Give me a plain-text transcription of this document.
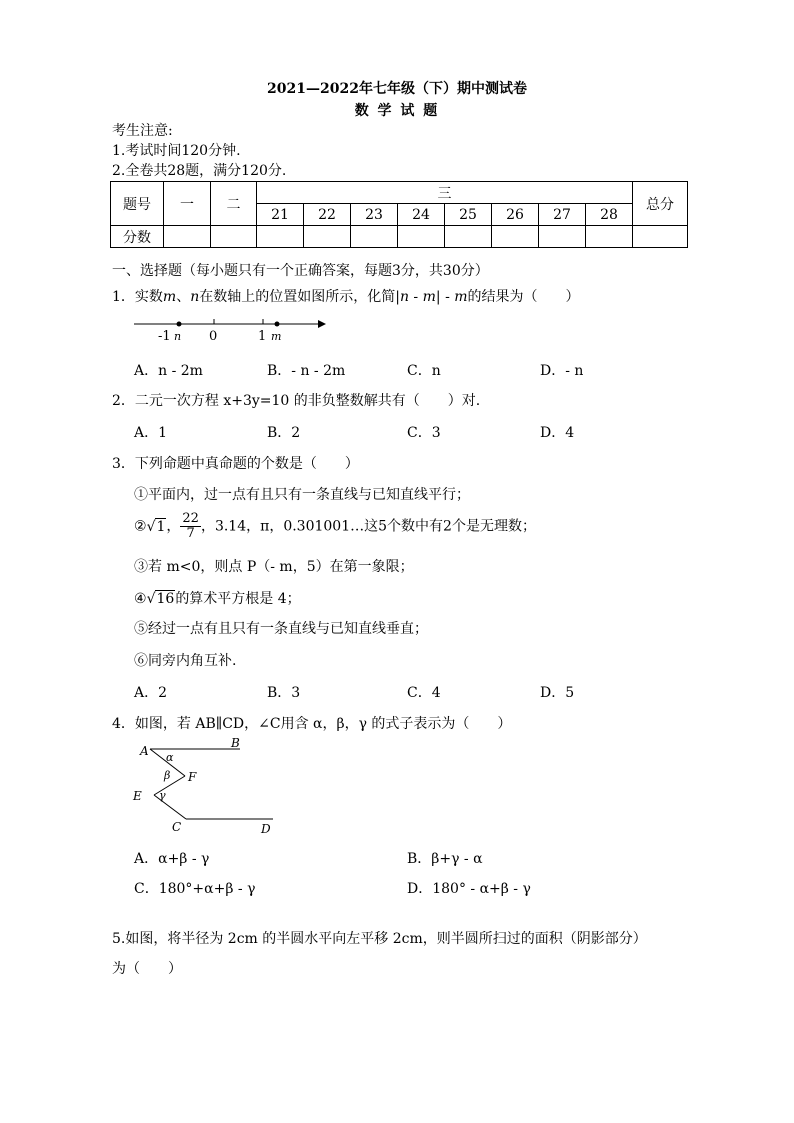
2021—2022年七年级（下）期中测试卷
数 学 试 题
考生注意:
1.考试时间120分钟.
2.全卷共28题，满分120分.
题号	一	二	三								总分
			21	22	23	24	25	26	27	28	
分数											
一、选择题（每小题只有一个正确答案，每题3分，共30分）
1．实数m、n在数轴上的位置如图所示，化简|n - m| - m的结果为（　　）
-1 n 0	1 m
A．n - 2m	B．- n - 2m	C．n	D．- n
2．二元一次方程 x+3y=10 的非负整数解共有（　　）对.
A．1	B．2	C．3	D．4
3．下列命题中真命题的个数是（　　）
①平面内，过一点有且只有一条直线与已知直线平行；
②√1， $\frac{22}{7}$ ，3.14，π，0.301001…这5个数中有2个是无理数；
③若 m<0，则点 P（- m，5）在第一象限；
④√16的算术平方根是 4；
⑤经过一点有且只有一条直线与已知直线垂直；
⑥同旁内角互补.
A．2	B．3	C．4	D．5
4．如图，若 AB∥CD，∠C用含 α，β，γ 的式子表示为（　　）
A
B
F
E
C	D
α
β
γ
A．α+β - γ	B．β+γ - α
C．180°+α+β - γ	D．180° - α+β - γ
5.如图，将半径为 2cm 的半圆水平向左平移 2cm，则半圆所扫过的面积（阴影部分）
为（　　）
